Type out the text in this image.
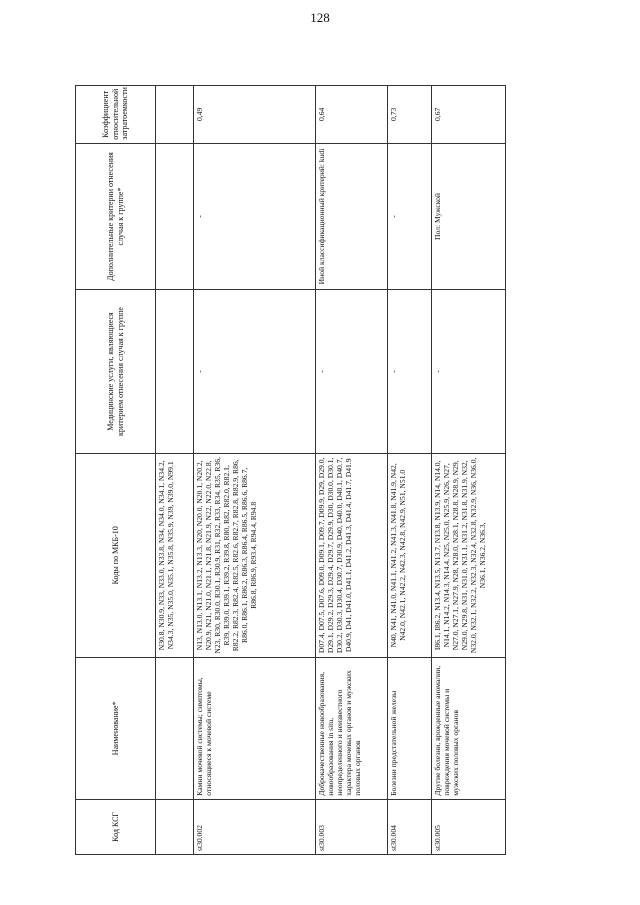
128
Код КСГ	Наименование*	Коды по МКБ-10	Медицинские услуги, являющиеся критерием отнесения случая к группе	Дополнительные критерии отнесения случая к группе*	Коэффициент относительной затратоемкости
		N30.8, N30.9, N33, N33.0, N33.8, N34, N34.0, N34.1, N34.2, N34.3, N35, N35.0, N35.1, N35.8, N35.9, N39, N39.0, N99.1			
st30.002	Камни мочевой системы; симптомы, относящиеся к мочевой системе	N13, N13.0, N13.1, N13.2, N13.3, N20, N20.0, N20.1, N20.2, N20.9, N21, N21.0, N21.1, N21.8, N21.9, N22, N22.0, N22.8, N23, R30, R30.0, R30.1, R30.9, R31, R32, R33, R34, R35, R36, R39, R39.0, R39.1, R39.2, R39.8, R80, R82, R82.0, R82.1, R82.2, R82.3, R82.4, R82.5, R82.6, R82.7, R82.8, R82.9, R86, R86.0, R86.1, R86.2, R86.3, R86.4, R86.5, R86.6, R86.7, R86.8, R86.9, R93.4, R94.4, R94.8	-	-	0,49
st30.003	Доброкачественные новообразования, новообразования in situ, неопределенного и неизвестного характера мочевых органов и мужских половых органов	D07.4, D07.5, D07.6, D09.0, D09.1, D09.7, D09.9, D29, D29.0, D29.1, D29.2, D29.3, D29.4, D29.7, D29.9, D30, D30.0, D30.1, D30.2, D30.3, D30.4, D30.7, D30.9, D40, D40.0, D40.1, D40.7, D40.9, D41, D41.0, D41.1, D41.2, D41.3, D41.4, D41.7, D41.9	-	Иной классификационный критерий: kudi	0,64
st30.004	Болезни предстательной железы	N40, N41, N41.0, N41.1, N41.2, N41.3, N41.8, N41.9, N42, N42.0, N42.1, N42.2, N42.3, N42.8, N42.9, N51, N51.0	-	-	0,73
st30.005	Другие болезни, врожденные аномалии, повреждения мочевой системы и мужских половых органов	I86.1, I86.2, N13.4, N13.5, N13.7, N13.8, N13.9, N14, N14.0, N14.1, N14.2, N14.3, N14.4, N25, N25.0, N25.9, N26, N27, N27.0, N27.1, N27.9, N28, N28.0, N28.1, N28.8, N28.9, N29, N29.0, N29.8, N31, N31.0, N31.1, N31.2, N31.8, N31.9, N32, N32.0, N32.1, N32.2, N32.3, N32.4, N32.8, N32.9, N36, N36.0, N36.1, N36.2, N36.3,	-	Пол: Мужской	0,67
